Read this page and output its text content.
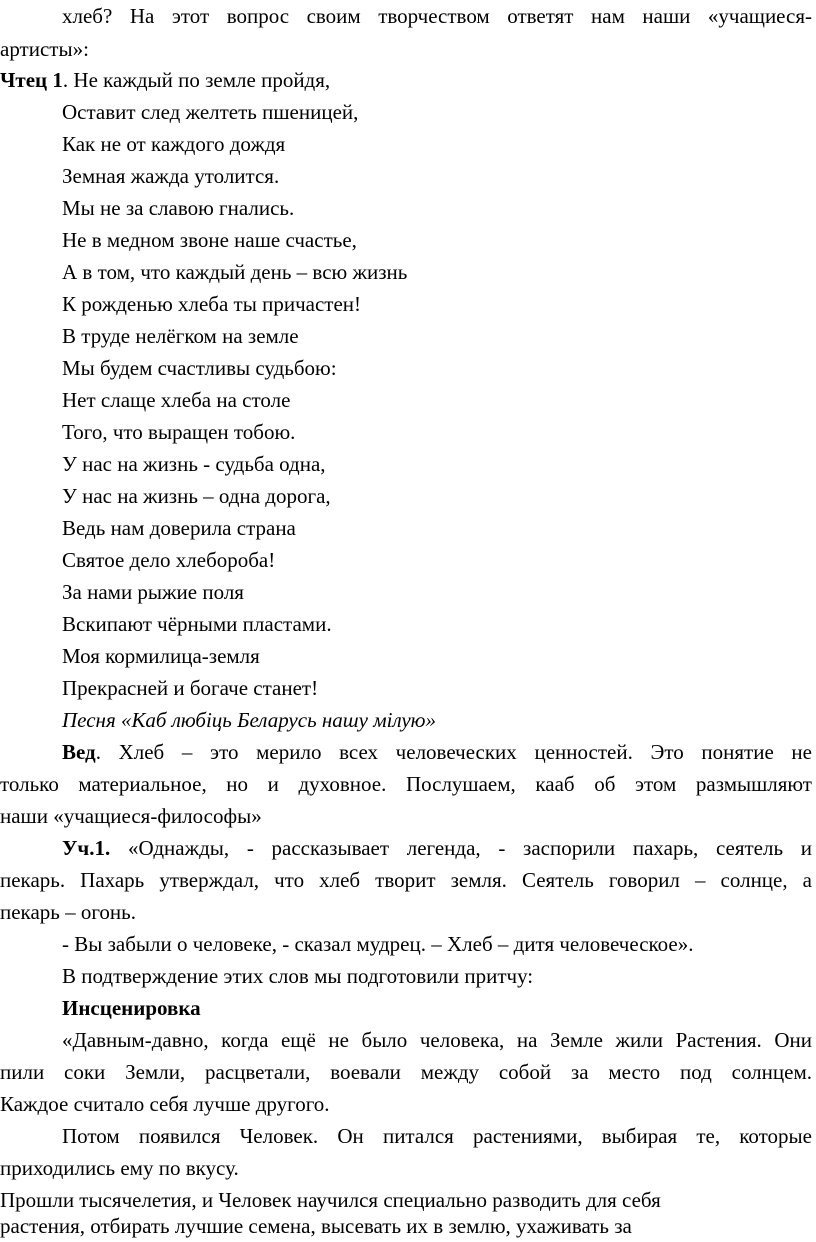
хлеб? На этот вопрос своим творчеством ответят нам наши «учащиеся-
артисты»:
Чтец 1. Не каждый по земле пройдя,
Оставит след желтеть пшеницей,
Как не от каждого дождя
Земная жажда утолится.
Мы не за славою гнались.
Не в медном звоне наше счастье,
А в том, что каждый день – всю жизнь
К рожденью хлеба ты причастен!
В труде нелёгком на земле
Мы будем счастливы судьбою:
Нет слаще хлеба на столе
Того, что выращен тобою.
У нас на жизнь - судьба одна,
У нас на жизнь – одна дорога,
Ведь нам доверила страна
Святое дело хлебороба!
За нами рыжие поля
Вскипают чёрными пластами.
Моя кормилица-земля
Прекрасней и богаче станет!
Песня «Каб любіць Беларусь нашу мілую»
Вед. Хлеб – это мерило всех человеческих ценностей. Это понятие не
только материальное, но и духовное. Послушаем, кааб об этом размышляют
наши «учащиеся-философы»
Уч.1. «Однажды, - рассказывает легенда, - заспорили пахарь, сеятель и
пекарь. Пахарь утверждал, что хлеб творит земля. Сеятель говорил – солнце, а
пекарь – огонь.
- Вы забыли о человеке, - сказал мудрец. – Хлеб – дитя человеческое».
В подтверждение этих слов мы подготовили притчу:
Инсценировка
«Давным-давно, когда ещё не было человека, на Земле жили Растения. Они
пили соки Земли, расцветали, воевали между собой за место под солнцем.
Каждое считало себя лучше другого.
Потом появился Человек. Он питался растениями, выбирая те, которые
приходились ему по вкусу.
Прошли тысячелетия, и Человек научился специально разводить для себя
растения, отбирать лучшие семена, высевать их в землю, ухаживать за
